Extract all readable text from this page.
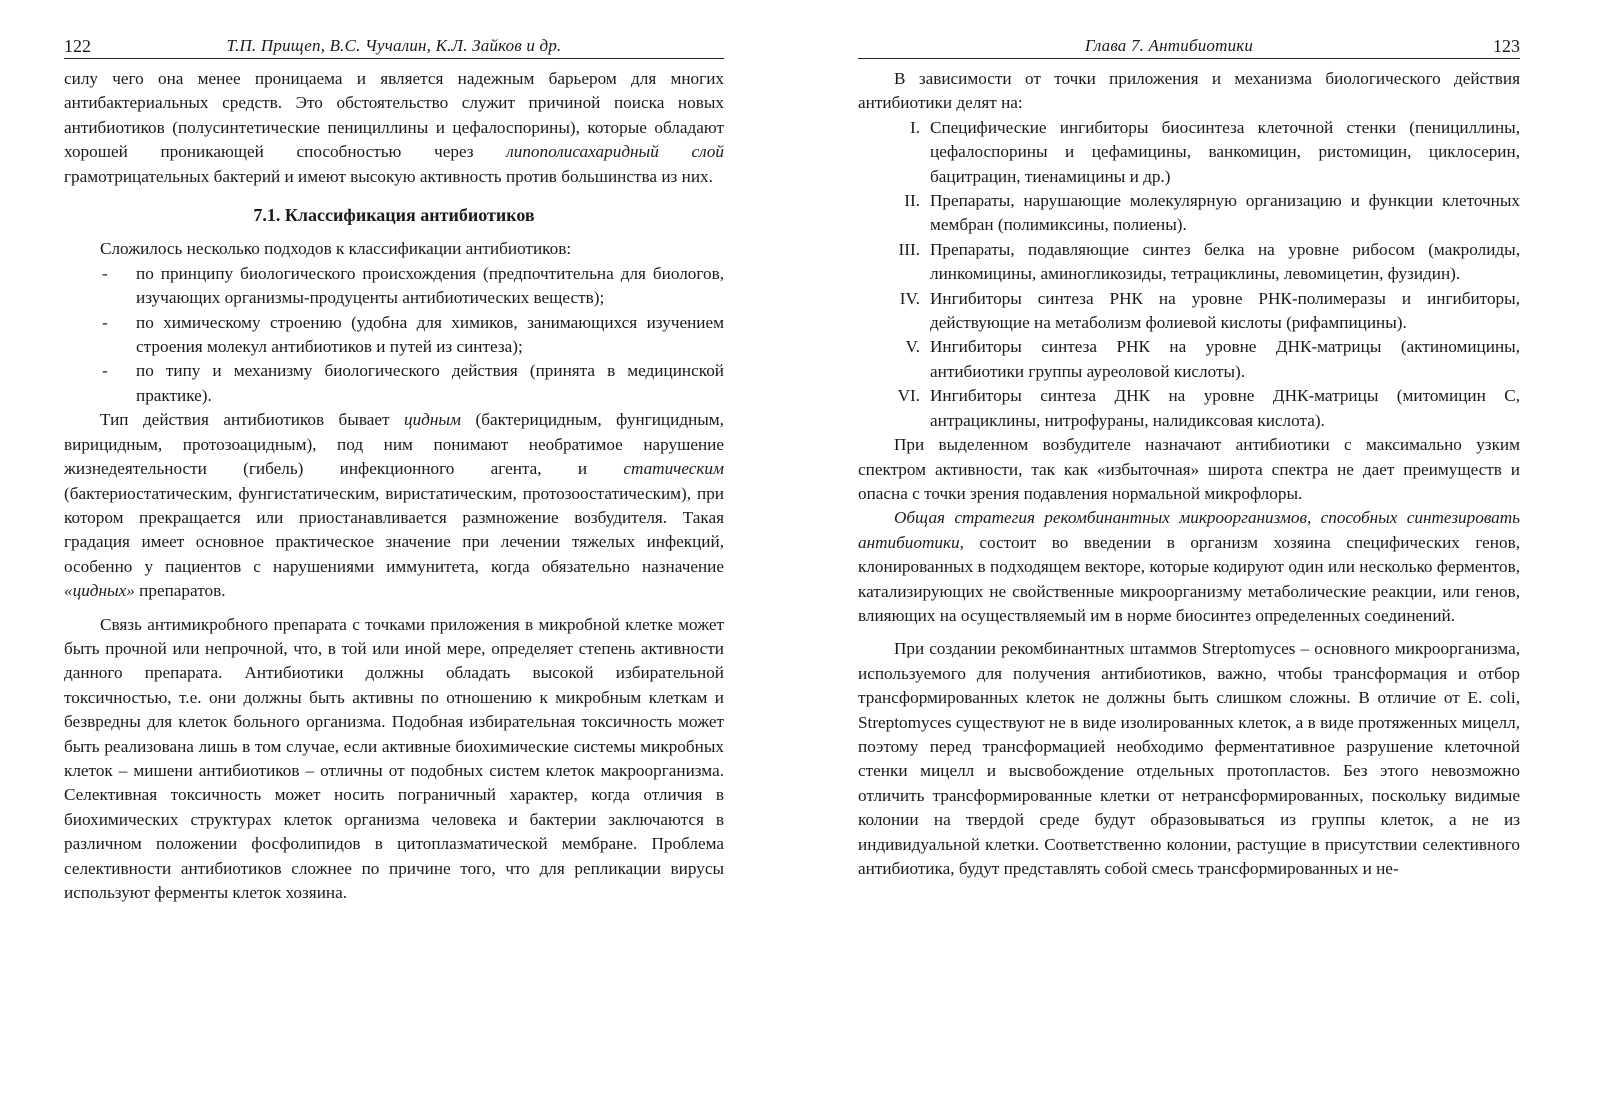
122	Т.П. Прищеп, В.С. Чучалин, К.Л. Зайков и др.

силу чего она менее проницаема и является надежным барьером для многих антибактериальных средств. Это обстоятельство служит причиной поиска новых антибиотиков (полусинтетические пенициллины и цефалоспорины), которые обладают хорошей проникающей способностью через липополисахаридный слой грамотрицательных бактерий и имеют высокую активность против большинства из них.

7.1. Классификация антибиотиков

Сложилось несколько подходов к классификации антибиотиков:

- по принципу биологического происхождения (предпочтительна для биологов, изучающих организмы-продуценты антибиотических веществ);
- по химическому строению (удобна для химиков, занимающихся изучением строения молекул антибиотиков и путей из синтеза);
- по типу и механизму биологического действия (принята в медицинской практике).

Тип действия антибиотиков бывает цидным (бактерицидным, фунгицидным, вирицидным, протозоацидным), под ним понимают необратимое нарушение жизнедеятельности (гибель) инфекционного агента, и статическим (бактериостатическим, фунгистатическим, виристатическим, протозоостатическим), при котором прекращается или приостанавливается размножение возбудителя. Такая градация имеет основное практическое значение при лечении тяжелых инфекций, особенно у пациентов с нарушениями иммунитета, когда обязательно назначение «цидных» препаратов.

Связь антимикробного препарата с точками приложения в микробной клетке может быть прочной или непрочной, что, в той или иной мере, определяет степень активности данного препарата. Антибиотики должны обладать высокой избирательной токсичностью, т.е. они должны быть активны по отношению к микробным клеткам и безвредны для клеток больного организма. Подобная избирательная токсичность может быть реализована лишь в том случае, если активные биохимические системы микробных клеток – мишени антибиотиков – отличны от подобных систем клеток макроорганизма. Селективная токсичность может носить пограничный характер, когда отличия в биохимических структурах клеток организма человека и бактерии заключаются в различном положении фосфолипидов в цитоплазматической мембране. Проблема селективности антибиотиков сложнее по причине того, что для репликации вирусы используют ферменты клеток хозяина.

Глава 7. Антибиотики	123

В зависимости от точки приложения и механизма биологического действия антибиотики делят на:

I. Специфические ингибиторы биосинтеза клеточной стенки (пенициллины, цефалоспорины и цефамицины, ванкомицин, ристомицин, циклосерин, бацитрацин, тиенамицины и др.)
II. Препараты, нарушающие молекулярную организацию и функции клеточных мембран (полимиксины, полиены).
III. Препараты, подавляющие синтез белка на уровне рибосом (макролиды, линкомицины, аминогликозиды, тетрациклины, левомицетин, фузидин).
IV. Ингибиторы синтеза РНК на уровне РНК-полимеразы и ингибиторы, действующие на метаболизм фолиевой кислоты (рифампицины).
V. Ингибиторы синтеза РНК на уровне ДНК-матрицы (актиномицины, антибиотики группы ауреоловой кислоты).
VI. Ингибиторы синтеза ДНК на уровне ДНК-матрицы (митомицин С, антрациклины, нитрофураны, налидиксовая кислота).

При выделенном возбудителе назначают антибиотики с максимально узким спектром активности, так как «избыточная» широта спектра не дает преимуществ и опасна с точки зрения подавления нормальной микрофлоры.

Общая стратегия рекомбинантных микроорганизмов, способных синтезировать антибиотики, состоит во введении в организм хозяина специфических генов, клонированных в подходящем векторе, которые кодируют один или несколько ферментов, катализирующих не свойственные микроорганизму метаболические реакции, или генов, влияющих на осуществляемый им в норме биосинтез определенных соединений.

При создании рекомбинантных штаммов Streptomyces – основного микроорганизма, используемого для получения антибиотиков, важно, чтобы трансформация и отбор трансформированных клеток не должны быть слишком сложны. В отличие от E. coli, Streptomyces существуют не в виде изолированных клеток, а в виде протяженных мицелл, поэтому перед трансформацией необходимо ферментативное разрушение клеточной стенки мицелл и высвобождение отдельных протопластов. Без этого невозможно отличить трансформированные клетки от нетрансформированных, поскольку видимые колонии на твердой среде будут образовываться из группы клеток, а не из индивидуальной клетки. Соответственно колонии, растущие в присутствии селективного антибиотика, будут представлять собой смесь трансформированных и не-
